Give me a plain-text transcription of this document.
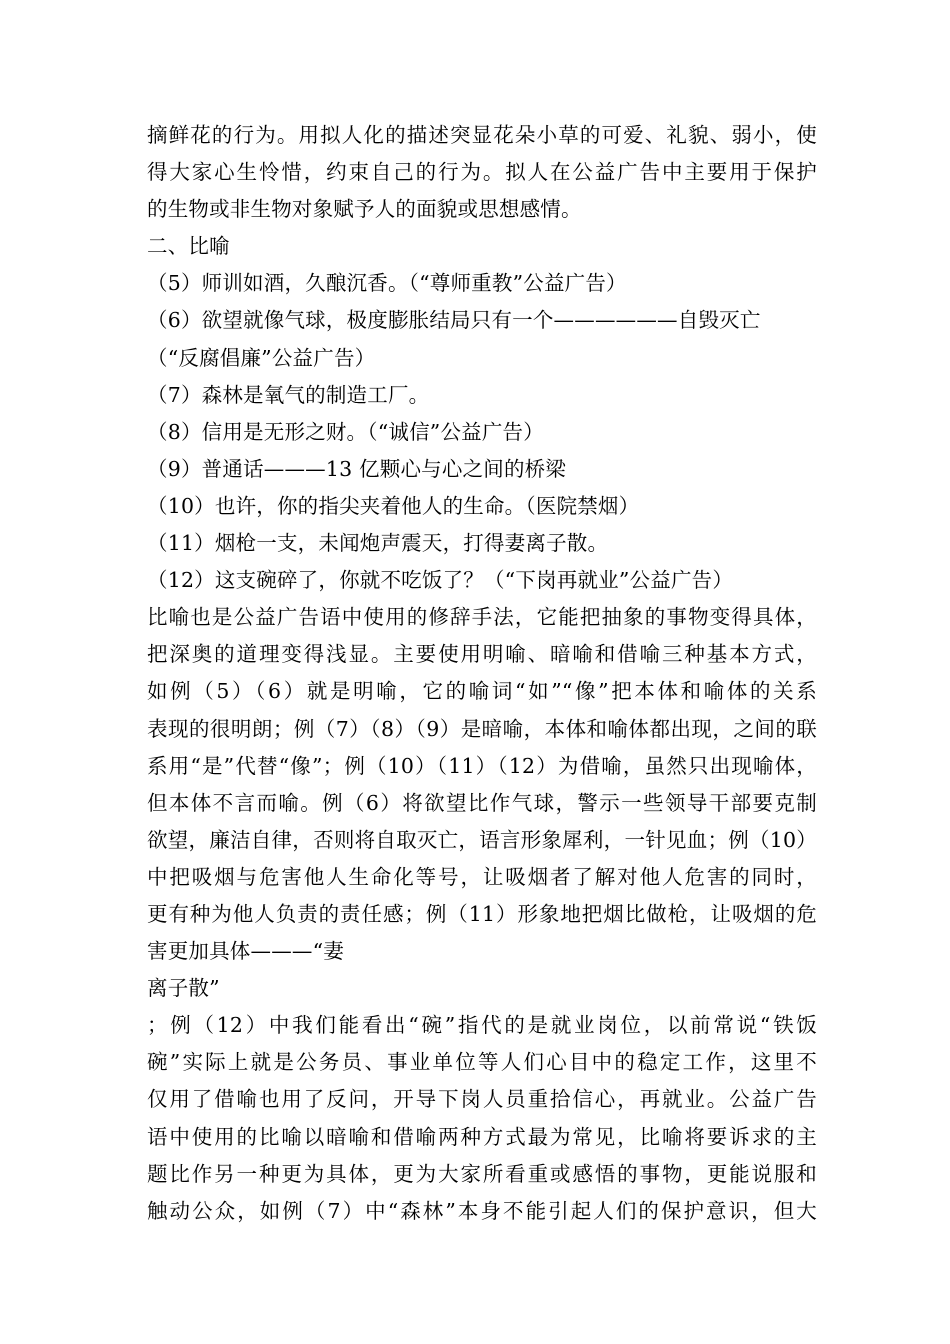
摘鲜花的行为。用拟人化的描述突显花朵小草的可爱、礼貌、弱小，使
得大家心生怜惜，约束自己的行为。拟人在公益广告中主要用于保护
的生物或非生物对象赋予人的面貌或思想感情。
二、比喻
（5）师训如酒，久酿沉香。（“尊师重教”公益广告）
（6）欲望就像气球，极度膨胀结局只有一个——————自毁灭亡
（“反腐倡廉”公益广告）
（7）森林是氧气的制造工厂。
（8）信用是无形之财。（“诚信”公益广告）
（9）普通话———13 亿颗心与心之间的桥梁
（10）也许，你的指尖夹着他人的生命。（医院禁烟）
（11）烟枪一支，未闻炮声震天，打得妻离子散。
（12）这支碗碎了，你就不吃饭了？（“下岗再就业”公益广告）
比喻也是公益广告语中使用的修辞手法，它能把抽象的事物变得具体，
把深奥的道理变得浅显。主要使用明喻、暗喻和借喻三种基本方式，
如例（5）（6）就是明喻，它的喻词“如”“像”把本体和喻体的关系
表现的很明朗；例（7）（8）（9）是暗喻，本体和喻体都出现，之间的联
系用“是”代替“像”；例（10）（11）（12）为借喻，虽然只出现喻体，
但本体不言而喻。例（6）将欲望比作气球，警示一些领导干部要克制
欲望，廉洁自律，否则将自取灭亡，语言形象犀利，一针见血；例（10）
中把吸烟与危害他人生命化等号，让吸烟者了解对他人危害的同时，
更有种为他人负责的责任感；例（11）形象地把烟比做枪，让吸烟的危
害更加具体———“妻
离子散”
；例（12）中我们能看出“碗”指代的是就业岗位，以前常说“铁饭
碗”实际上就是公务员、事业单位等人们心目中的稳定工作，这里不
仅用了借喻也用了反问，开导下岗人员重拾信心，再就业。公益广告
语中使用的比喻以暗喻和借喻两种方式最为常见，比喻将要诉求的主
题比作另一种更为具体，更为大家所看重或感悟的事物，更能说服和
触动公众，如例（7）中“森林”本身不能引起人们的保护意识，但大
